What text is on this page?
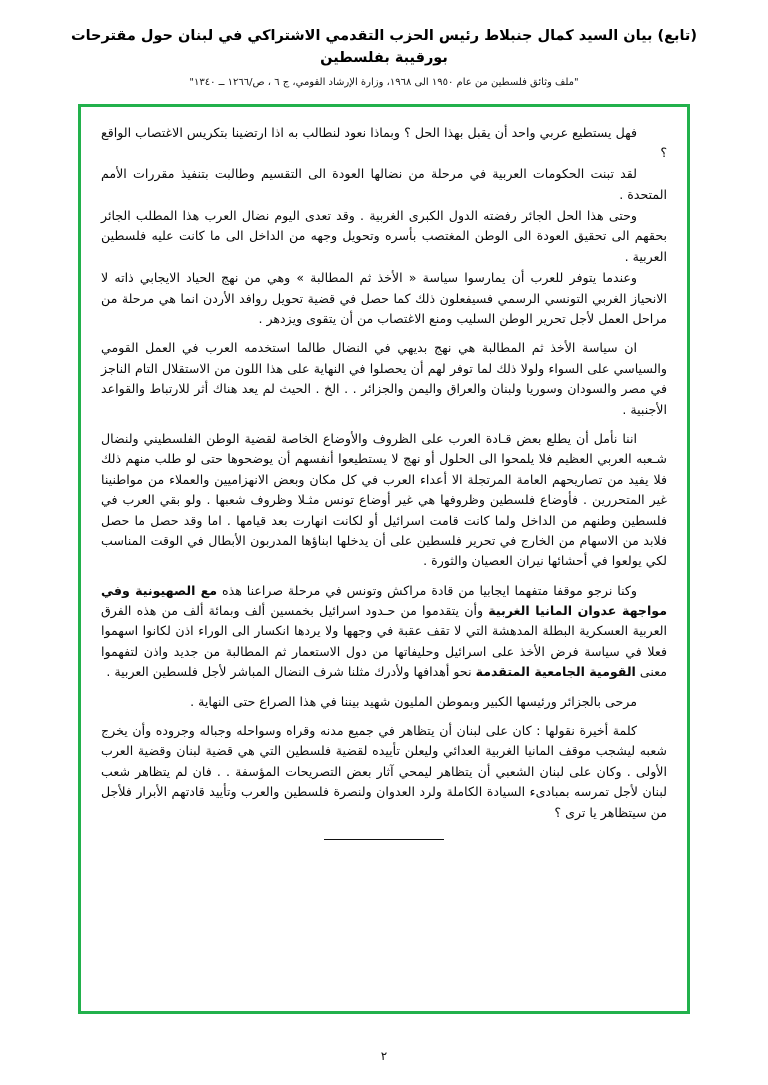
(تابع) بيان السيد كمال جنبلاط رئيس الحزب التقدمي الاشتراكي في لبنان حول مقترحات بورقيبة بفلسطين
"ملف وثائق فلسطين من عام ١٩٥٠ الى ١٩٦٨، وزارة الإرشاد القومي، ج ٦ ، ص/١٢٦٦ ــ ١٣٤٠"

فهل يستطيع عربي واحد أن يقبل بهذا الحل ؟ وبماذا نعود لنطالب به اذا ارتضينا بتكريس الاغتصاب الواقع ؟

لقد تبنت الحكومات العربية في مرحلة من نضالها العودة الى التقسيم وطالبت بتنفيذ مقررات الأمم المتحدة .

وحتى هذا الحل الجائر رفضته الدول الكبرى الغربية . وقد تعدى اليوم نضال العرب هذا المطلب الجائر بحقهم الى تحقيق العودة الى الوطن المغتصب بأسره وتحويل وجهه من الداخل الى ما كانت عليه فلسطين العربية .

وعندما يتوفر للعرب أن يمارسوا سياسة « الأخذ ثم المطالبة » وهي من نهج الحياد الايجابي ذاته لا الانحياز الغربي التونسي الرسمي فسيفعلون ذلك كما حصل في قضية تحويل روافد الأردن انما هي مرحلة من مراحل العمل لأجل تحرير الوطن السليب ومنع الاغتصاب من أن يتقوى ويزدهر .

ان سياسة الأخذ ثم المطالبة هي نهج بديهي في النضال طالما استخدمه العرب في العمل القومي والسياسي على السواء ولولا ذلك لما توفر لهم أن يحصلوا في النهاية على هذا اللون من الاستقلال التام الناجز في مصر والسودان وسوريا ولبنان والعراق واليمن والجزائر . . الخ . الحيث لم يعد هناك أثر للارتباط والقواعد الأجنبية .

اننا نأمل أن يطلع بعض قـادة العرب على الظروف والأوضاع الخاصة لقضية الوطن الفلسطيني ولنضال شـعبه العربي العظيم فلا يلمحوا الى الحلول أو نهج لا يستطيعوا أنفسهم أن يوضحوها حتى لو طلب منهم ذلك فلا يفيد من تصاريحهم العامة المرتجلة الا أعداء العرب في كل مكان وبعض الانهزاميين والعملاء من مواطنينا غير المتحررين . فأوضاع فلسطين وظروفها هي غير أوضاع تونس مثـلا وظروف شعبها . ولو بقي العرب في فلسطين وطنهم من الداخل ولما كانت قامت اسرائيل أو لكانت انهارت بعد قيامها . اما وقد حصل ما حصل فلابد من الاسهام من الخارج في تحرير فلسطين على أن يدخلها ابناؤها المدربون الأبطال في الوقت المناسب لكي يولعوا في أحشائها نيران العصيان والثورة .

وكنا نرجو موقفا متفهما ايجابيا من قادة مراكش وتونس في مرحلة صراعنا هذه مع الصهيونية وفي مواجهة عدوان المانيا الغربية وأن يتقدموا من حـدود اسرائيل بخمسين ألف وبمائة ألف من هذه الفرق العربية العسكرية البطلة المدهشة التي لا تقف عقبة في وجهها ولا يردها انكسار الى الوراء اذن لكانوا اسهموا فعلا في سياسة فرض الأخذ على اسرائيل وحليفاتها من دول الاستعمار ثم المطالبة من جديد واذن لتفهموا معنى القومية الجامعية المتقدمة نحو أهدافها ولأدرك مثلنا شرف النضال المباشر لأجل فلسطين العربية .

مرحى بالجزائر ورئيسها الكبير وبموطن المليون شهيد بيننا في هذا الصراع حتى النهاية .

كلمة أخيرة نقولها : كان على لبنان أن يتظاهر في جميع مدنه وقراه وسواحله وجباله وجروده وأن يخرج شعبه ليشجب موقف المانيا الغربية العدائي وليعلن تأييده لقضية فلسطين التي هي قضية لبنان وقضية العرب الأولى . وكان على لبنان الشعبي أن يتظاهر ليمحي آثار بعض التصريحات المؤسفة . . فان لم يتظاهر شعب لبنان لأجل تمرسه بمبادىء السيادة الكاملة ولرد العدوان ولنصرة فلسطين والعرب وتأييد قادتهم الأبرار فلأجل من سيتظاهر يا ترى ؟

٢
